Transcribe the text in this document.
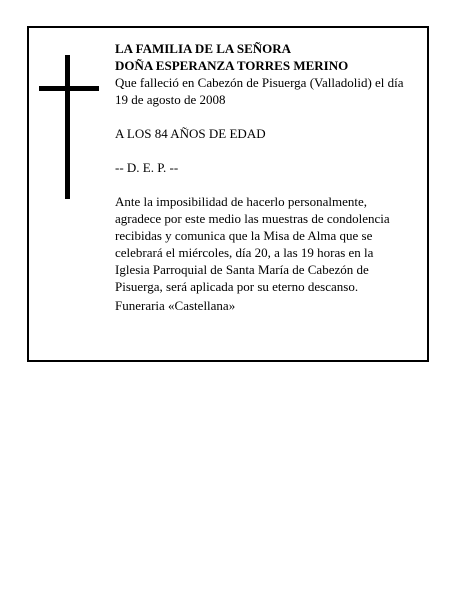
LA FAMILIA DE LA SEÑORA

DOÑA ESPERANZA TORRES MERINO

Que falleció en Cabezón de Pisuerga (Valladolid) el día

19 de agosto de 2008

A LOS 84 AÑOS DE EDAD

-- D. E. P. --

Ante la imposibilidad de hacerlo personalmente,

agradece por este medio las muestras de condolencia

recibidas y comunica que la Misa de Alma que se

celebrará el miércoles, día 20, a las 19 horas en la

Iglesia Parroquial de Santa María de Cabezón de

Pisuerga, será aplicada por su eterno descanso.

Funeraria «Castellana»
